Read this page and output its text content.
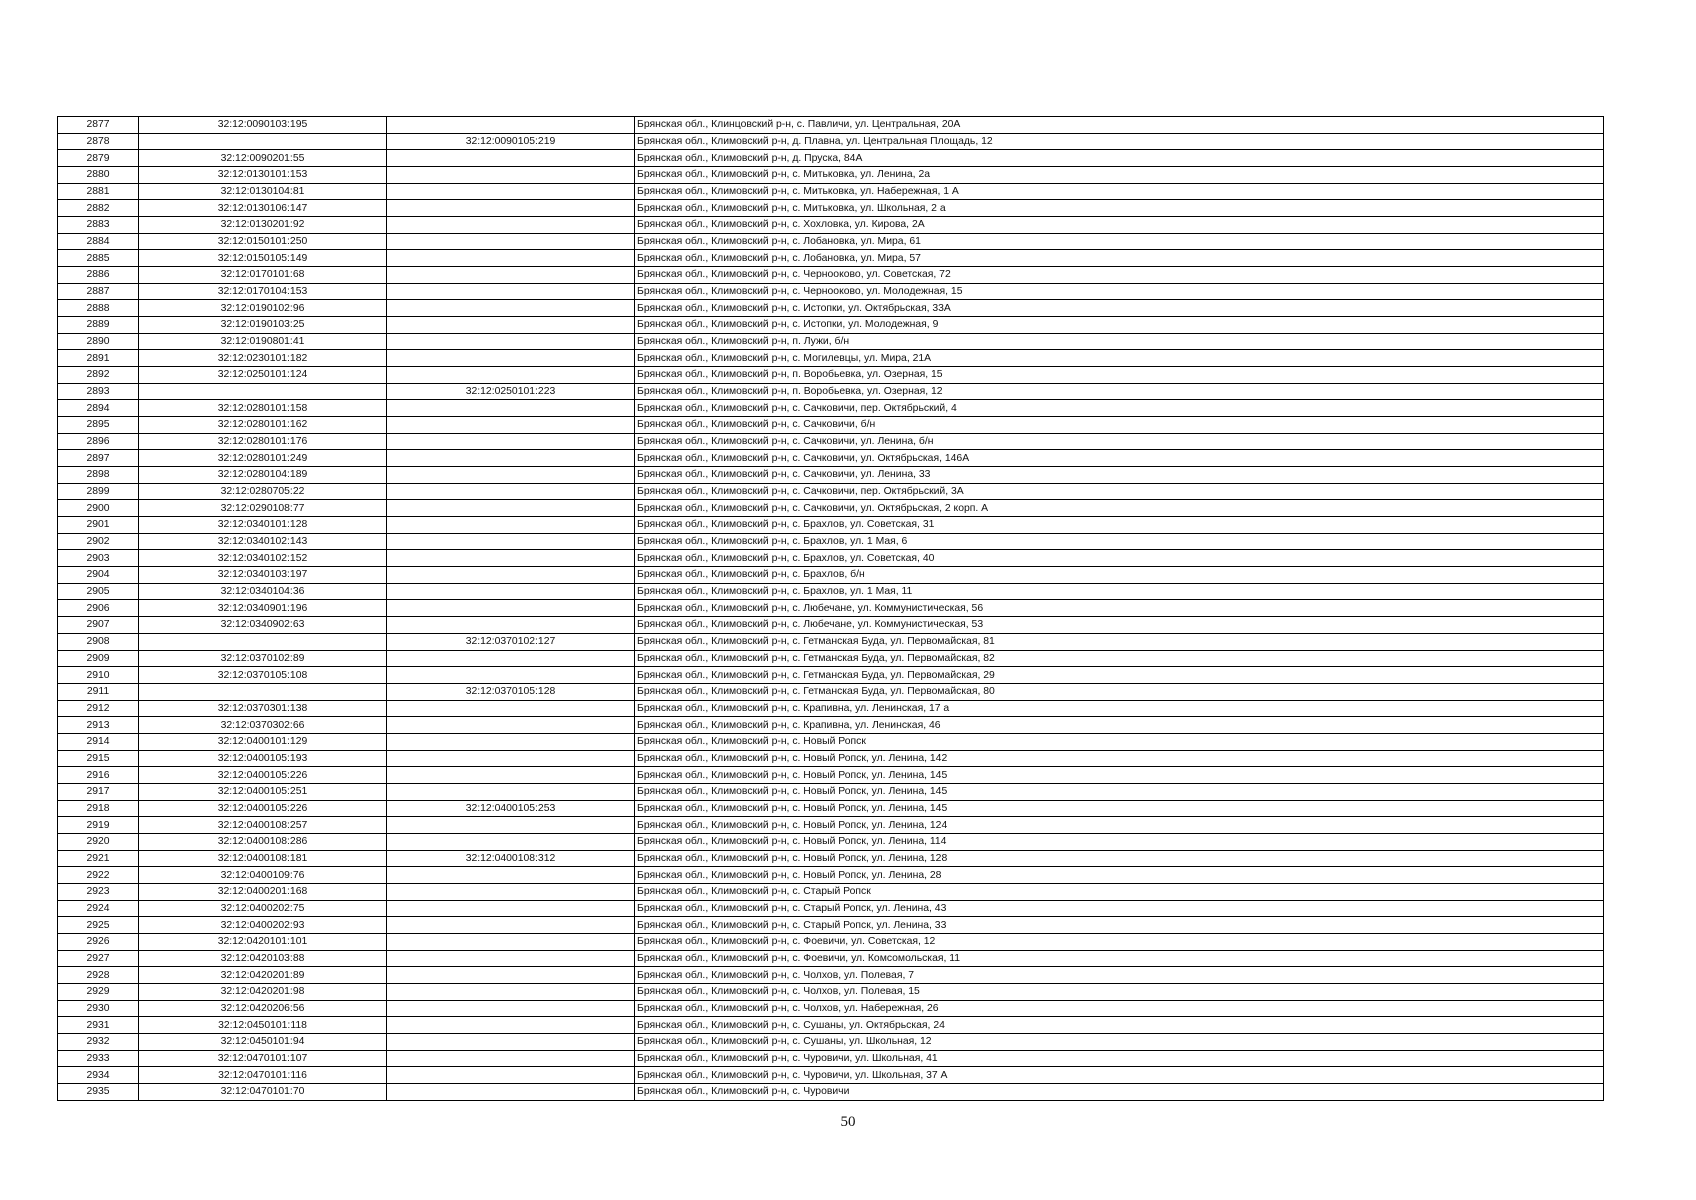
2877	32:12:0090103:195		Брянская обл., Клинцовский р-н, с. Павличи, ул. Центральная, 20А
2878		32:12:0090105:219	Брянская обл., Климовский р-н, д. Плавна, ул. Центральная Площадь, 12
2879	32:12:0090201:55		Брянская обл., Климовский р-н, д. Пруска, 84А
2880	32:12:0130101:153		Брянская обл., Климовский р-н, с. Митьковка, ул. Ленина, 2а
2881	32:12:0130104:81		Брянская обл., Климовский р-н, с. Митьковка, ул. Набережная, 1 А
2882	32:12:0130106:147		Брянская обл., Климовский р-н, с. Митьковка, ул. Школьная, 2 а
2883	32:12:0130201:92		Брянская обл., Климовский р-н, с. Хохловка, ул. Кирова, 2А
2884	32:12:0150101:250		Брянская обл., Климовский р-н, с. Лобановка, ул. Мира, 61
2885	32:12:0150105:149		Брянская обл., Климовский р-н, с. Лобановка, ул. Мира, 57
2886	32:12:0170101:68		Брянская обл., Климовский р-н, с. Чернооково, ул. Советская, 72
2887	32:12:0170104:153		Брянская обл., Климовский р-н, с. Чернооково, ул. Молодежная, 15
2888	32:12:0190102:96		Брянская обл., Климовский р-н, с. Истопки, ул. Октябрьская, 33А
2889	32:12:0190103:25		Брянская обл., Климовский р-н, с. Истопки, ул. Молодежная, 9
2890	32:12:0190801:41		Брянская обл., Климовский р-н, п. Лужи, б/н
2891	32:12:0230101:182		Брянская обл., Климовский р-н, с. Могилевцы, ул. Мира, 21А
2892	32:12:0250101:124		Брянская обл., Климовский р-н, п. Воробьевка, ул. Озерная, 15
2893		32:12:0250101:223	Брянская обл., Климовский р-н, п. Воробьевка, ул. Озерная, 12
2894	32:12:0280101:158		Брянская обл., Климовский р-н, с. Сачковичи, пер. Октябрьский, 4
2895	32:12:0280101:162		Брянская обл., Климовский р-н, с. Сачковичи, б/н
2896	32:12:0280101:176		Брянская обл., Климовский р-н, с. Сачковичи, ул. Ленина, б/н
2897	32:12:0280101:249		Брянская обл., Климовский р-н, с. Сачковичи, ул. Октябрьская, 146А
2898	32:12:0280104:189		Брянская обл., Климовский р-н, с. Сачковичи, ул. Ленина, 33
2899	32:12:0280705:22		Брянская обл., Климовский р-н, с. Сачковичи, пер. Октябрьский, 3А
2900	32:12:0290108:77		Брянская обл., Климовский р-н, с. Сачковичи, ул. Октябрьская, 2 корп. А
2901	32:12:0340101:128		Брянская обл., Климовский р-н, с. Брахлов, ул. Советская, 31
2902	32:12:0340102:143		Брянская обл., Климовский р-н, с. Брахлов, ул. 1 Мая, 6
2903	32:12:0340102:152		Брянская обл., Климовский р-н, с. Брахлов, ул. Советская, 40
2904	32:12:0340103:197		Брянская обл., Климовский р-н, с. Брахлов, б/н
2905	32:12:0340104:36		Брянская обл., Климовский р-н, с. Брахлов, ул. 1 Мая, 11
2906	32:12:0340901:196		Брянская обл., Климовский р-н, с. Любечане, ул. Коммунистическая, 56
2907	32:12:0340902:63		Брянская обл., Климовский р-н, с. Любечане, ул. Коммунистическая, 53
2908		32:12:0370102:127	Брянская обл., Климовский р-н, с. Гетманская Буда, ул. Первомайская, 81
2909	32:12:0370102:89		Брянская обл., Климовский р-н, с. Гетманская Буда, ул. Первомайская, 82
2910	32:12:0370105:108		Брянская обл., Климовский р-н, с. Гетманская Буда, ул. Первомайская, 29
2911		32:12:0370105:128	Брянская обл., Климовский р-н, с. Гетманская Буда, ул. Первомайская, 80
2912	32:12:0370301:138		Брянская обл., Климовский р-н, с. Крапивна, ул. Ленинская, 17 а
2913	32:12:0370302:66		Брянская обл., Климовский р-н, с. Крапивна, ул. Ленинская, 46
2914	32:12:0400101:129		Брянская обл., Климовский р-н, с. Новый Ропск
2915	32:12:0400105:193		Брянская обл., Климовский р-н, с. Новый Ропск, ул. Ленина, 142
2916	32:12:0400105:226		Брянская обл., Климовский р-н, с. Новый Ропск, ул. Ленина, 145
2917	32:12:0400105:251		Брянская обл., Климовский р-н, с. Новый Ропск, ул. Ленина, 145
2918	32:12:0400105:226	32:12:0400105:253	Брянская обл., Климовский р-н, с. Новый Ропск, ул. Ленина, 145
2919	32:12:0400108:257		Брянская обл., Климовский р-н, с. Новый Ропск, ул. Ленина, 124
2920	32:12:0400108:286		Брянская обл., Климовский р-н, с. Новый Ропск, ул. Ленина, 114
2921	32:12:0400108:181	32:12:0400108:312	Брянская обл., Климовский р-н, с. Новый Ропск, ул. Ленина, 128
2922	32:12:0400109:76		Брянская обл., Климовский р-н, с. Новый Ропск, ул. Ленина, 28
2923	32:12:0400201:168		Брянская обл., Климовский р-н, с. Старый Ропск
2924	32:12:0400202:75		Брянская обл., Климовский р-н, с. Старый Ропск, ул. Ленина, 43
2925	32:12:0400202:93		Брянская обл., Климовский р-н, с. Старый Ропск, ул. Ленина, 33
2926	32:12:0420101:101		Брянская обл., Климовский р-н, с. Фоевичи, ул. Советская, 12
2927	32:12:0420103:88		Брянская обл., Климовский р-н, с. Фоевичи, ул. Комсомольская, 11
2928	32:12:0420201:89		Брянская обл., Климовский р-н, с. Чолхов, ул. Полевая, 7
2929	32:12:0420201:98		Брянская обл., Климовский р-н, с. Чолхов, ул. Полевая, 15
2930	32:12:0420206:56		Брянская обл., Климовский р-н, с. Чолхов, ул. Набережная, 26
2931	32:12:0450101:118		Брянская обл., Климовский р-н, с. Сушаны, ул. Октябрьская, 24
2932	32:12:0450101:94		Брянская обл., Климовский р-н, с. Сушаны, ул. Школьная, 12
2933	32:12:0470101:107		Брянская обл., Климовский р-н, с. Чуровичи, ул. Школьная, 41
2934	32:12:0470101:116		Брянская обл., Климовский р-н, с. Чуровичи, ул. Школьная, 37 А
2935	32:12:0470101:70		Брянская обл., Климовский р-н, с. Чуровичи
50
